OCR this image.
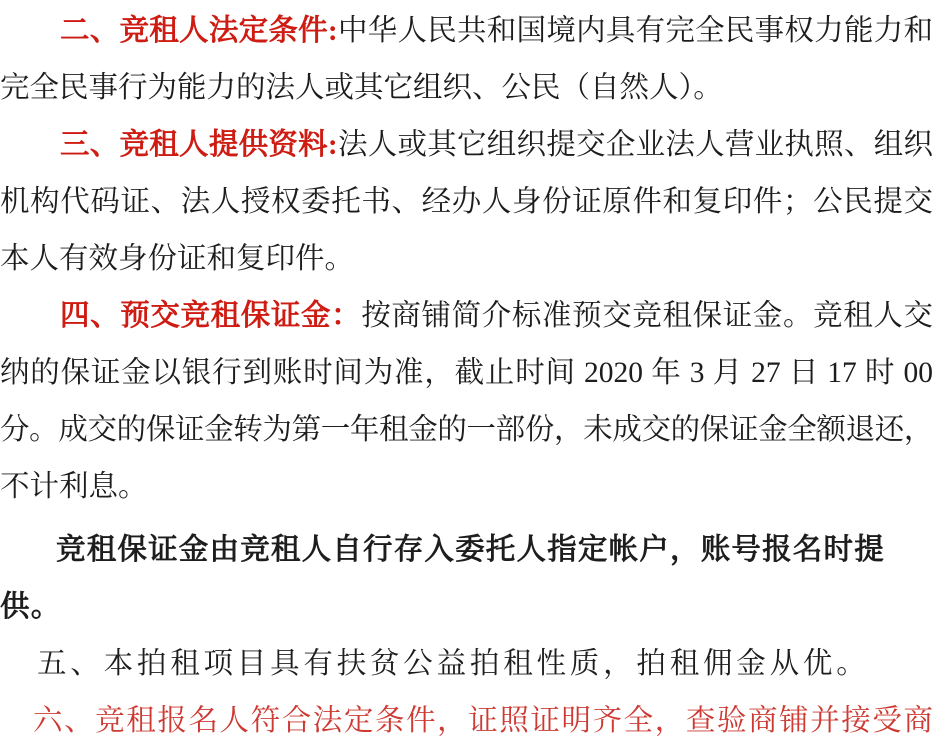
二、竞租人法定条件:中华人民共和国境内具有完全民事权力能力和
完全民事行为能力的法人或其它组织、公民（自然人）。
三、竞租人提供资料:法人或其它组织提交企业法人营业执照、组织
机构代码证、法人授权委托书、经办人身份证原件和复印件；公民提交
本人有效身份证和复印件。
四、预交竞租保证金：按商铺简介标准预交竞租保证金。竞租人交
纳的保证金以银行到账时间为准，截止时间 2020 年 3 月 27 日 17 时 00
分。成交的保证金转为第一年租金的一部份，未成交的保证金全额退还，
不计利息。
竞租保证金由竞租人自行存入委托人指定帐户，账号报名时提供。
五、本拍租项目具有扶贫公益拍租性质，拍租佣金从优。
六、竞租报名人符合法定条件，证照证明齐全，查验商铺并接受商
